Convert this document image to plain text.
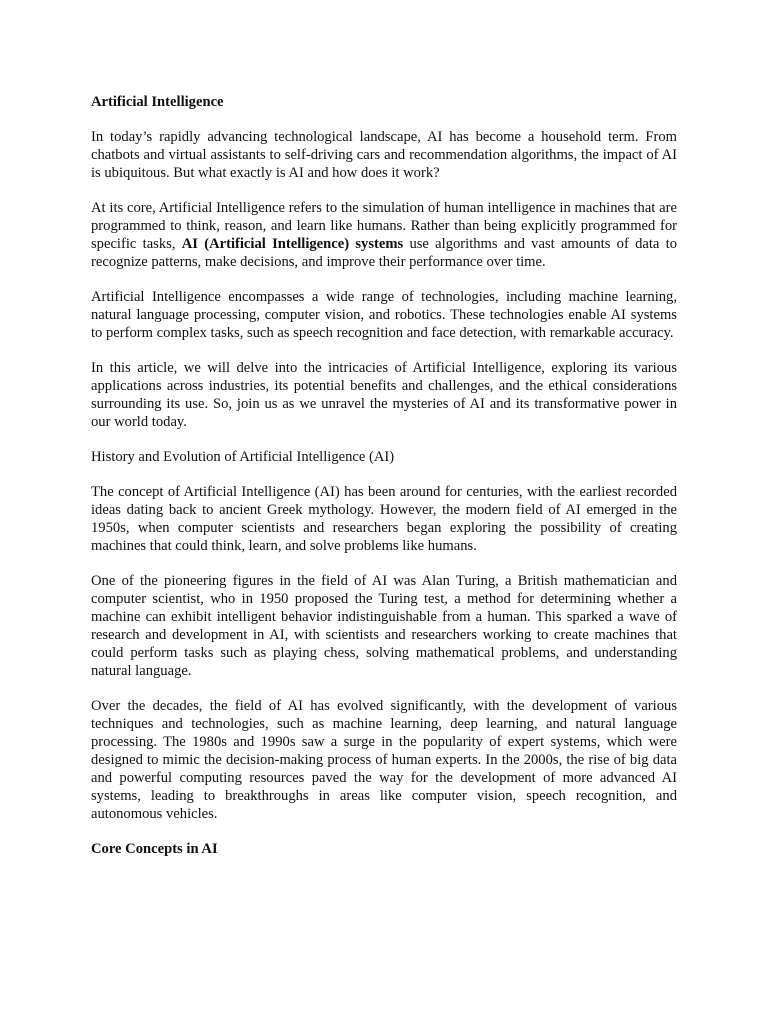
Artificial Intelligence

In today’s rapidly advancing technological landscape, AI has become a household term. From chatbots and virtual assistants to self-driving cars and recommendation algorithms, the impact of AI is ubiquitous. But what exactly is AI and how does it work?

At its core, Artificial Intelligence refers to the simulation of human intelligence in machines that are programmed to think, reason, and learn like humans. Rather than being explicitly programmed for specific tasks, AI (Artificial Intelligence) systems use algorithms and vast amounts of data to recognize patterns, make decisions, and improve their performance over time.

Artificial Intelligence encompasses a wide range of technologies, including machine learning, natural language processing, computer vision, and robotics. These technologies enable AI systems to perform complex tasks, such as speech recognition and face detection, with remarkable accuracy.

In this article, we will delve into the intricacies of Artificial Intelligence, exploring its various applications across industries, its potential benefits and challenges, and the ethical considerations surrounding its use. So, join us as we unravel the mysteries of AI and its transformative power in our world today.

History and Evolution of Artificial Intelligence (AI)

The concept of Artificial Intelligence (AI) has been around for centuries, with the earliest recorded ideas dating back to ancient Greek mythology. However, the modern field of AI emerged in the 1950s, when computer scientists and researchers began exploring the possibility of creating machines that could think, learn, and solve problems like humans.

One of the pioneering figures in the field of AI was Alan Turing, a British mathematician and computer scientist, who in 1950 proposed the Turing test, a method for determining whether a machine can exhibit intelligent behavior indistinguishable from a human. This sparked a wave of research and development in AI, with scientists and researchers working to create machines that could perform tasks such as playing chess, solving mathematical problems, and understanding natural language.

Over the decades, the field of AI has evolved significantly, with the development of various techniques and technologies, such as machine learning, deep learning, and natural language processing. The 1980s and 1990s saw a surge in the popularity of expert systems, which were designed to mimic the decision-making process of human experts. In the 2000s, the rise of big data and powerful computing resources paved the way for the development of more advanced AI systems, leading to breakthroughs in areas like computer vision, speech recognition, and autonomous vehicles.

Core Concepts in AI
